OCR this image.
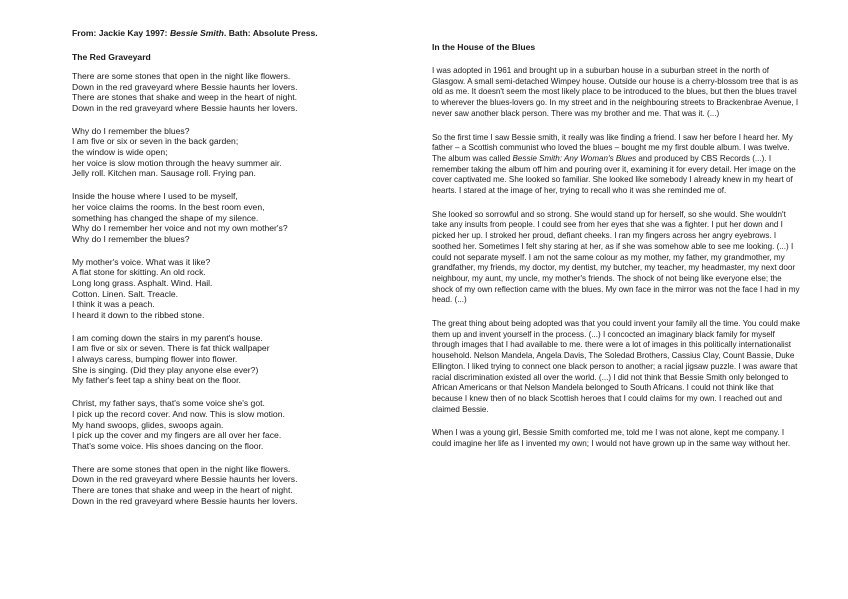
From: Jackie Kay 1997: Bessie Smith. Bath: Absolute Press.
The Red Graveyard
There are some stones that open in the night like flowers.
Down in the red graveyard where Bessie haunts her lovers.
There are stones that shake and weep in the heart of night.
Down in the red graveyard where Bessie haunts her lovers.
Why do I remember the blues?
I am five or six or seven in the back garden;
the window is wide open;
her voice is slow motion through the heavy summer air.
Jelly roll. Kitchen man. Sausage roll. Frying pan.
Inside the house where I used to be myself,
her voice claims the rooms. In the best room even,
something has changed the shape of my silence.
Why do I remember her voice and not my own mother's?
Why do I remember the blues?
My mother's voice. What was it like?
A flat stone for skitting. An old rock.
Long long grass. Asphalt. Wind. Hail.
Cotton. Linen. Salt. Treacle.
I think it was a peach.
I heard it down to the ribbed stone.
I am coming down the stairs in my parent's house.
I am five or six or seven. There is fat thick wallpaper
I always caress, bumping flower into flower.
She is singing. (Did they play anyone else ever?)
My father's feet tap a shiny beat on the floor.
Christ, my father says, that's some voice she's got.
I pick up the record cover. And now. This is slow motion.
My hand swoops, glides, swoops again.
I pick up the cover and my fingers are all over her face.
That's some voice. His shoes dancing on the floor.
There are some stones that open in the night like flowers.
Down in the red graveyard where Bessie haunts her lovers.
There are tones that shake and weep in the heart of night.
Down in the red graveyard where Bessie haunts her lovers.
In the House of the Blues

I was adopted in 1961 and brought up in a suburban house in a suburban street in the north of Glasgow. A small semi-detached Wimpey house. Outside our house is a cherry-blossom tree that is as old as me. It doesn't seem the most likely place to be introduced to the blues, but then the blues travel to wherever the blues-lovers go. In my street and in the neighbouring streets to Brackenbrae Avenue, I never saw another black person. There was my brother and me. That was it. (...)

So the first time I saw Bessie smith, it really was like finding a friend. I saw her before I heard her. My father – a Scottish communist who loved the blues – bought me my first double album. I was twelve. The album was called Bessie Smith: Any Woman's Blues and produced by CBS Records (...). I remember taking the album off him and pouring over it, examining it for every detail. Her image on the cover captivated me. She looked so familiar. She looked like somebody I already knew in my heart of hearts. I stared at the image of her, trying to recall who it was she reminded me of.

She looked so sorrowful and so strong. She would stand up for herself, so she would. She wouldn't take any insults from people. I could see from her eyes that she was a fighter. I put her down and I picked her up. I stroked her proud, defiant cheeks. I ran my fingers across her angry eyebrows. I soothed her. Sometimes I felt shy staring at her, as if she was somehow able to see me looking. (...) I could not separate myself. I am not the same colour as my mother, my father, my grandmother, my grandfather, my friends, my doctor, my dentist, my butcher, my teacher, my headmaster, my next door neighbour, my aunt, my uncle, my mother's friends. The shock of not being like everyone else; the shock of my own reflection came with the blues. My own face in the mirror was not the face I had in my head. (...)

The great thing about being adopted was that you could invent your family all the time. You could make them up and invent yourself in the process. (...) I concocted an imaginary black family for myself through images that I had available to me. there were a lot of images in this politically internationalist household. Nelson Mandela, Angela Davis, The Soledad Brothers, Cassius Clay, Count Bassie, Duke Ellington. I liked trying to connect one black person to another; a racial jigsaw puzzle. I was aware that racial discrimination existed all over the world. (...) I did not think that Bessie Smith only belonged to African Americans or that Nelson Mandela belonged to South Africans. I could not think like that because I knew then of no black Scottish heroes that I could claims for my own. I reached out and claimed Bessie.

When I was a young girl, Bessie Smith comforted me, told me I was not alone, kept me company. I could imagine her life as I invented my own; I would not have grown up in the same way without her.
